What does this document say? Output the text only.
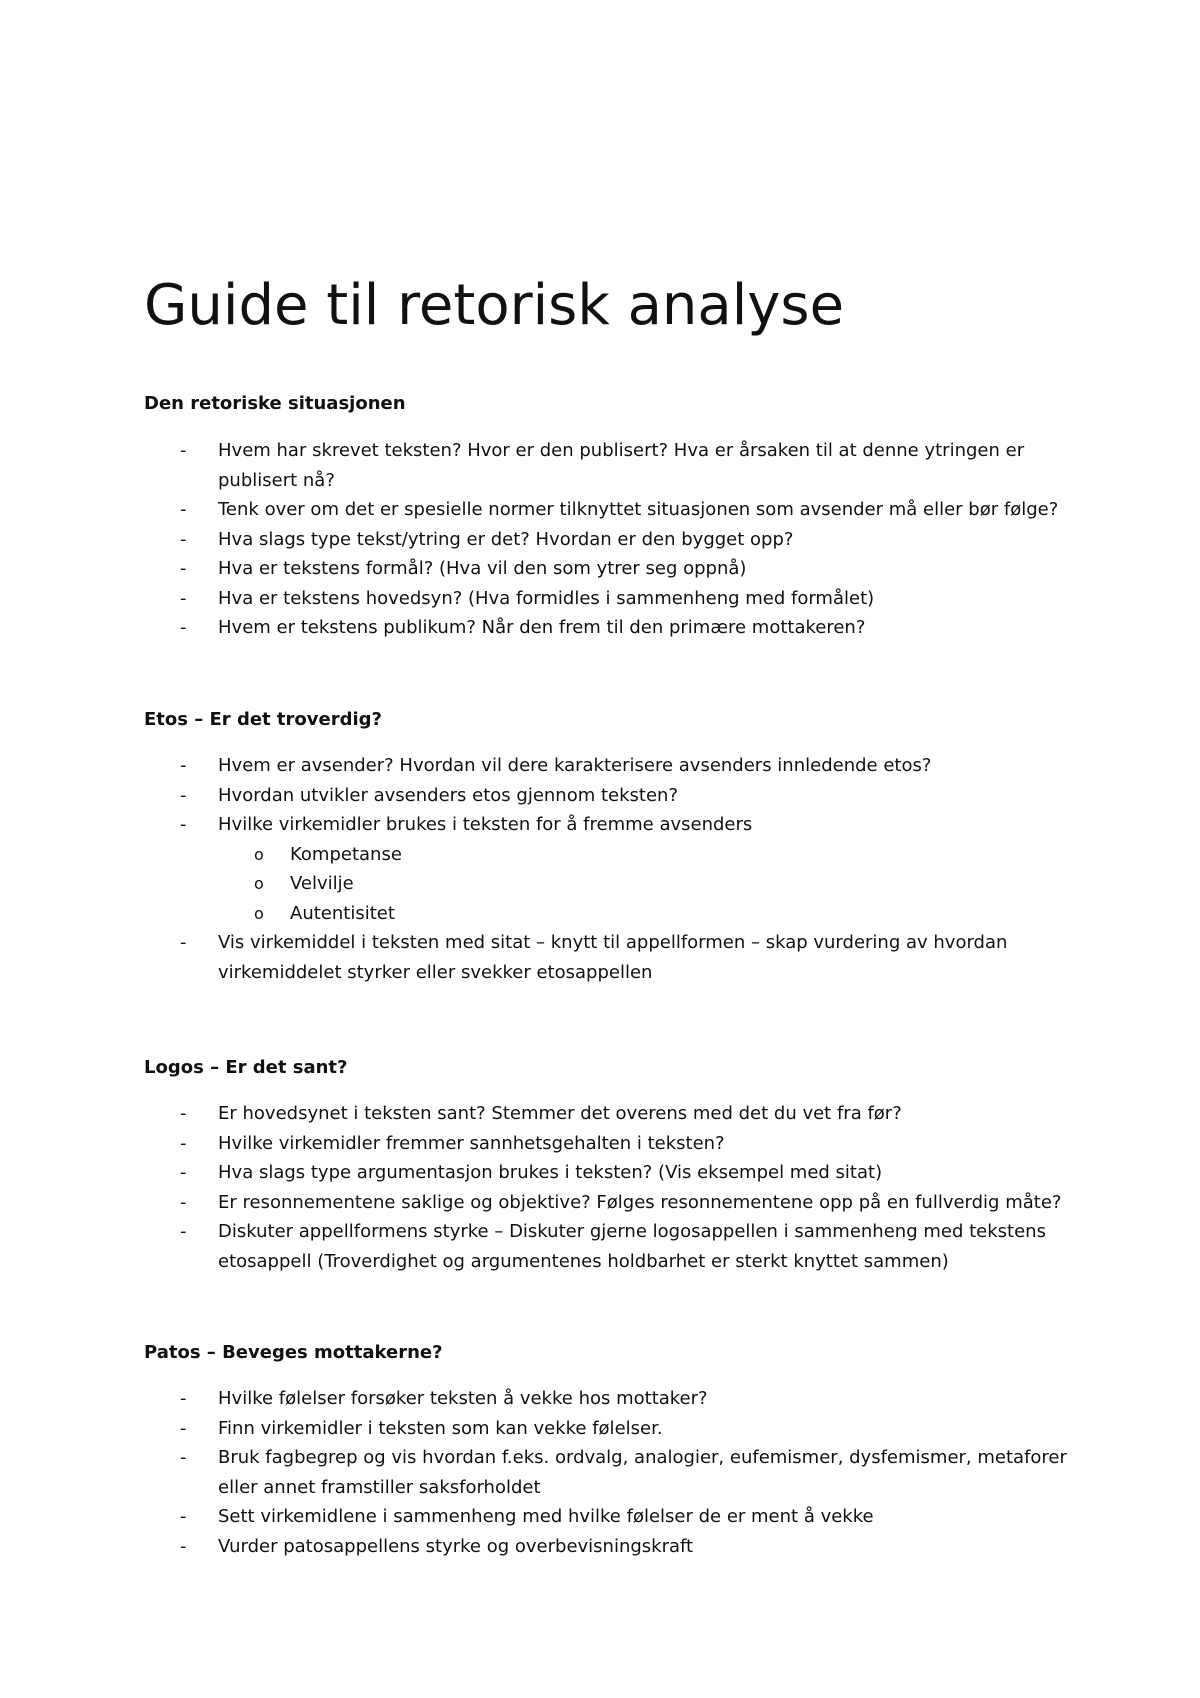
Guide til retorisk analyse
Den retoriske situasjonen
- Hvem har skrevet teksten? Hvor er den publisert? Hva er årsaken til at denne ytringen er publisert nå?
- Tenk over om det er spesielle normer tilknyttet situasjonen som avsender må eller bør følge?
- Hva slags type tekst/ytring er det? Hvordan er den bygget opp?
- Hva er tekstens formål? (Hva vil den som ytrer seg oppnå)
- Hva er tekstens hovedsyn? (Hva formidles i sammenheng med formålet)
- Hvem er tekstens publikum? Når den frem til den primære mottakeren?
Etos – Er det troverdig?
- Hvem er avsender? Hvordan vil dere karakterisere avsenders innledende etos?
- Hvordan utvikler avsenders etos gjennom teksten?
- Hvilke virkemidler brukes i teksten for å fremme avsenders
o Kompetanse
o Velvilje
o Autentisitet
- Vis virkemiddel i teksten med sitat – knytt til appellformen – skap vurdering av hvordan virkemiddelet styrker eller svekker etosappellen
Logos – Er det sant?
- Er hovedsynet i teksten sant? Stemmer det overens med det du vet fra før?
- Hvilke virkemidler fremmer sannhetsgehalten i teksten?
- Hva slags type argumentasjon brukes i teksten? (Vis eksempel med sitat)
- Er resonnementene saklige og objektive? Følges resonnementene opp på en fullverdig måte?
- Diskuter appellformens styrke – Diskuter gjerne logosappellen i sammenheng med tekstens etosappell (Troverdighet og argumentenes holdbarhet er sterkt knyttet sammen)
Patos – Beveges mottakerne?
- Hvilke følelser forsøker teksten å vekke hos mottaker?
- Finn virkemidler i teksten som kan vekke følelser.
- Bruk fagbegrep og vis hvordan f.eks. ordvalg, analogier, eufemismer, dysfemismer, metaforer eller annet framstiller saksforholdet
- Sett virkemidlene i sammenheng med hvilke følelser de er ment å vekke
- Vurder patosappellens styrke og overbevisningskraft
